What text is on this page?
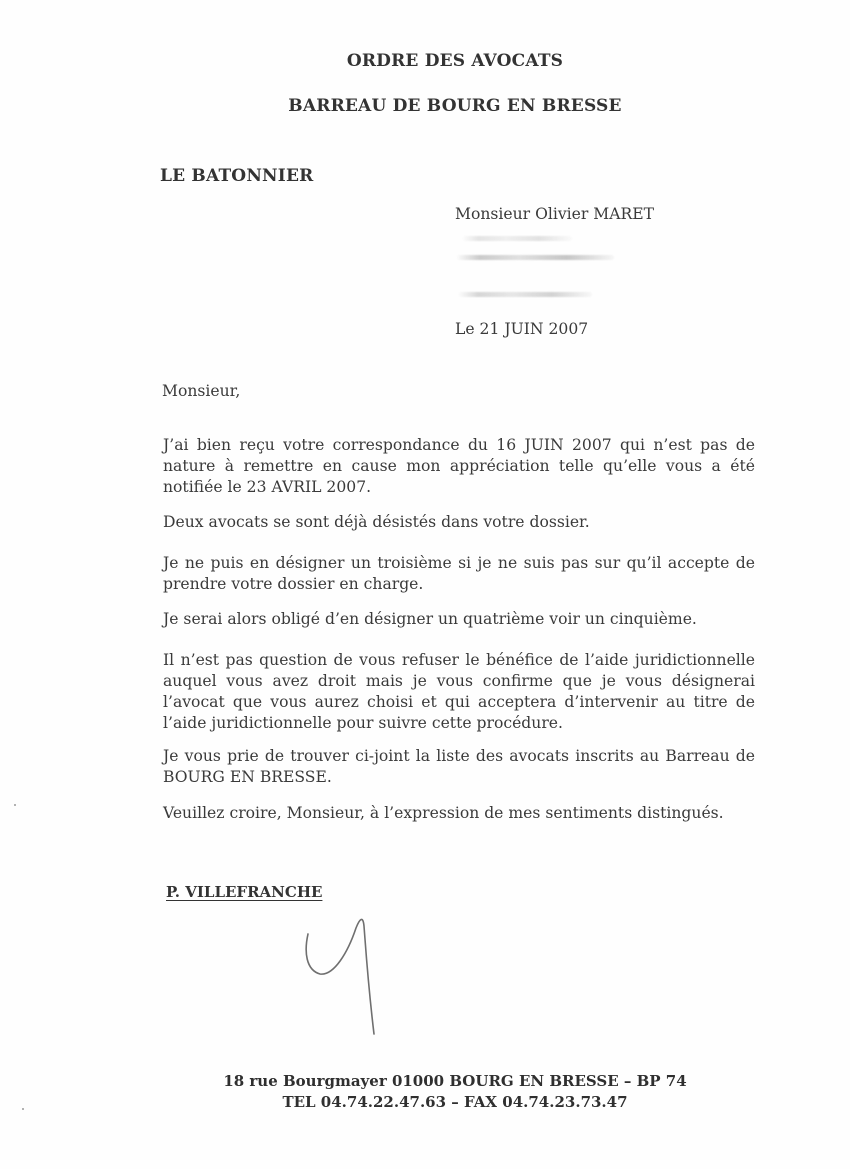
ORDRE DES AVOCATS
BARREAU DE BOURG EN BRESSE
LE BATONNIER
Monsieur Olivier MARET
Le 21 JUIN 2007
Monsieur,
J’ai bien reçu votre correspondance du 16 JUIN 2007 qui n’est pas de nature à remettre en cause mon appréciation telle qu’elle vous a été notifiée le 23 AVRIL 2007.
Deux avocats se sont déjà désistés dans votre dossier.
Je ne puis en désigner un troisième si je ne suis pas sur qu’il accepte de prendre votre dossier en charge.
Je serai alors obligé d’en désigner un quatrième voir un cinquième.
Il n’est pas question de vous refuser le bénéfice de l’aide juridictionnelle auquel vous avez droit mais je vous confirme que je vous désignerai l’avocat que vous aurez choisi et qui acceptera d’intervenir au titre de l’aide juridictionnelle pour suivre cette procédure.
Je vous prie de trouver ci-joint la liste des avocats inscrits au Barreau de BOURG EN BRESSE.
Veuillez croire, Monsieur, à l’expression de mes sentiments distingués.
P. VILLEFRANCHE
18 rue Bourgmayer 01000 BOURG EN BRESSE – BP 74
TEL 04.74.22.47.63 – FAX 04.74.23.73.47
